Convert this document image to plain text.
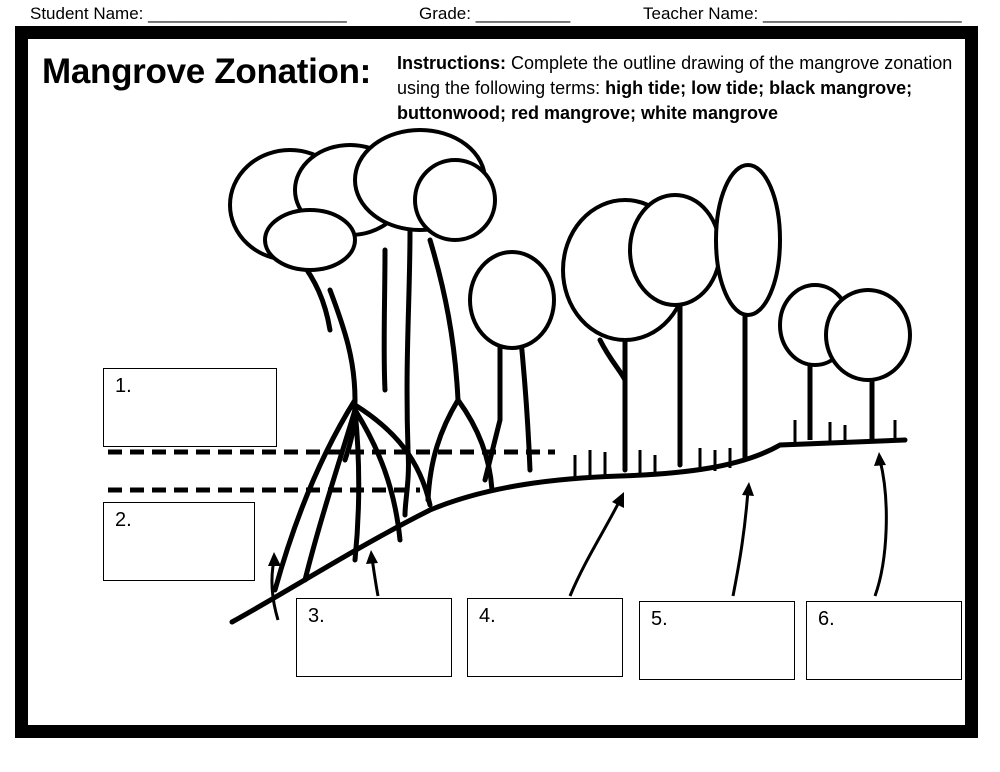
Student Name: _____________________	Grade: __________	Teacher Name: _____________________
Mangrove Zonation: Instructions: Complete the outline drawing of the mangrove zonation using the following terms: high tide; low tide; black mangrove; buttonwood; red mangrove; white mangrove
1.
2.
3.	4.	5.	6.
